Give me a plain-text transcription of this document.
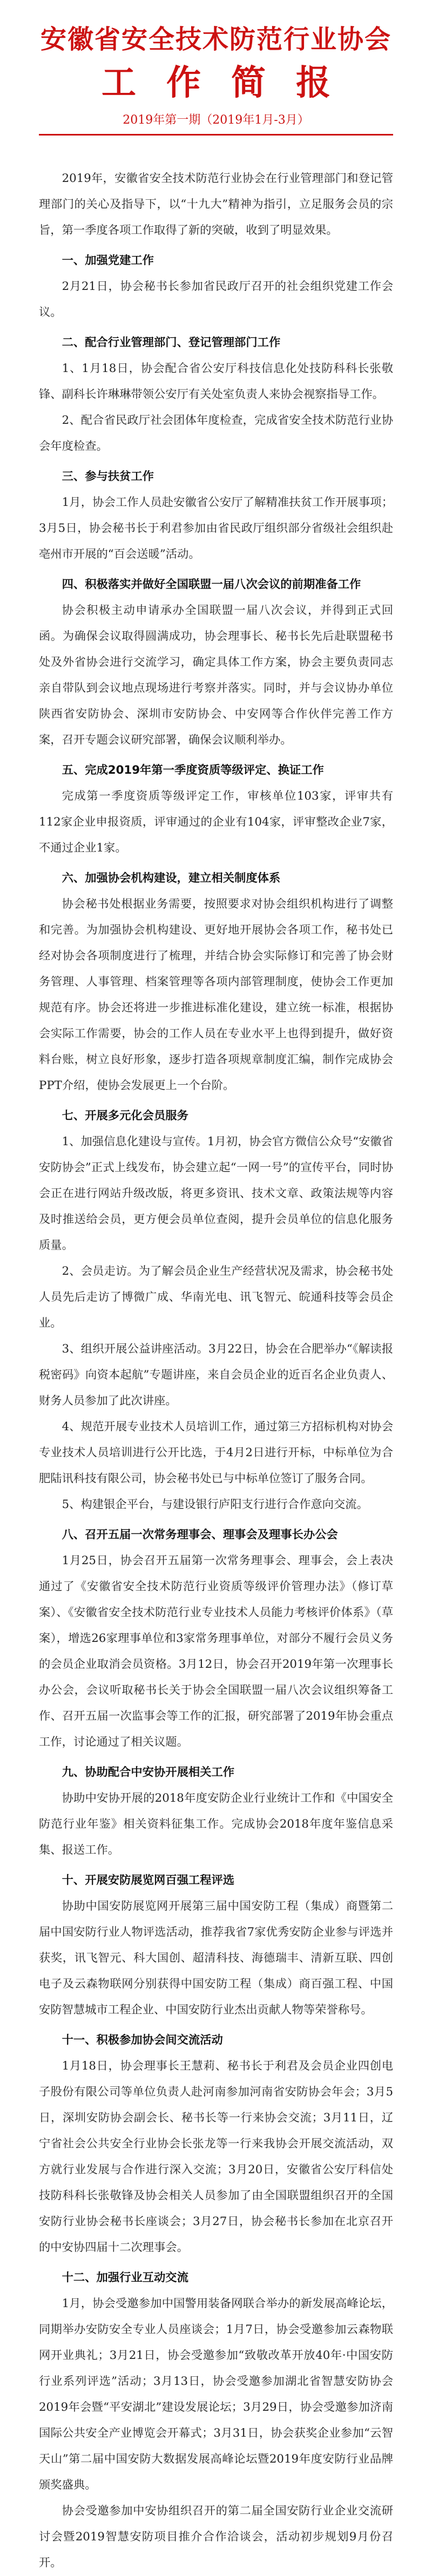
安徽省安全技术防范行业协会
工作简报
2019年第一期（2019年1月-3月）

2019年，安徽省安全技术防范行业协会在行业管理部门和登记管理部门的关心及指导下，以“十九大”精神为指引，立足服务会员的宗旨，第一季度各项工作取得了新的突破，收到了明显效果。

一、加强党建工作

2月21日，协会秘书长参加省民政厅召开的社会组织党建工作会议。

二、配合行业管理部门、登记管理部门工作

1、1月18日，协会配合省公安厅科技信息化处技防科科长张敬锋、副科长许琳琳带领公安厅有关处室负责人来协会视察指导工作。

2、配合省民政厅社会团体年度检查，完成省安全技术防范行业协会年度检查。

三、参与扶贫工作

1月，协会工作人员赴安徽省公安厅了解精准扶贫工作开展事项；3月5日，协会秘书长于利君参加由省民政厅组织部分省级社会组织赴亳州市开展的“百会送暖”活动。

四、积极落实并做好全国联盟一届八次会议的前期准备工作

协会积极主动申请承办全国联盟一届八次会议，并得到正式回函。为确保会议取得圆满成功，协会理事长、秘书长先后赴联盟秘书处及外省协会进行交流学习，确定具体工作方案，协会主要负责同志亲自带队到会议地点现场进行考察并落实。同时，并与会议协办单位陕西省安防协会、深圳市安防协会、中安网等合作伙伴完善工作方案，召开专题会议研究部署，确保会议顺利举办。

五、完成2019年第一季度资质等级评定、换证工作

完成第一季度资质等级评定工作，审核单位103家，评审共有112家企业申报资质，评审通过的企业有104家，评审整改企业7家，不通过企业1家。

六、加强协会机构建设，建立相关制度体系

协会秘书处根据业务需要，按照要求对协会组织机构进行了调整和完善。为加强协会机构建设、更好地开展协会各项工作，秘书处已经对协会各项制度进行了梳理，并结合协会实际修订和完善了协会财务管理、人事管理、档案管理等各项内部管理制度，使协会工作更加规范有序。协会还将进一步推进标准化建设，建立统一标准，根据协会实际工作需要，协会的工作人员在专业水平上也得到提升，做好资料台账，树立良好形象，逐步打造各项规章制度汇编，制作完成协会PPT介绍，使协会发展更上一个台阶。

七、开展多元化会员服务

1、加强信息化建设与宣传。1月初，协会官方微信公众号“安徽省安防协会”正式上线发布，协会建立起“一网一号”的宣传平台，同时协会正在进行网站升级改版，将更多资讯、技术文章、政策法规等内容及时推送给会员，更方便会员单位查阅，提升会员单位的信息化服务质量。

2、会员走访。为了解会员企业生产经营状况及需求，协会秘书处人员先后走访了博微广成、华南光电、讯飞智元、皖通科技等会员企业。

3、组织开展公益讲座活动。3月22日，协会在合肥举办“《解读报税密码》向资本起航”专题讲座，来自会员企业的近百名企业负责人、财务人员参加了此次讲座。

4、规范开展专业技术人员培训工作，通过第三方招标机构对协会专业技术人员培训进行公开比选，于4月2日进行开标，中标单位为合肥陆讯科技有限公司，协会秘书处已与中标单位签订了服务合同。

5、构建银企平台，与建设银行庐阳支行进行合作意向交流。

八、召开五届一次常务理事会、理事会及理事长办公会

1月25日，协会召开五届第一次常务理事会、理事会，会上表决通过了《安徽省安全技术防范行业资质等级评价管理办法》（修订草案）、《安徽省安全技术防范行业专业技术人员能力考核评价体系》（草案），增选26家理事单位和3家常务理事单位，对部分不履行会员义务的会员企业取消会员资格。3月12日，协会召开2019年第一次理事长办公会，会议听取秘书长关于协会全国联盟一届八次会议组织筹备工作、召开五届一次监事会等工作的汇报，研究部署了2019年协会重点工作，讨论通过了相关议题。

九、协助配合中安协开展相关工作

协助中安协开展的2018年度安防企业行业统计工作和《中国安全防范行业年鉴》相关资料征集工作。完成协会2018年度年鉴信息采集、报送工作。

十、开展安防展览网百强工程评选

协助中国安防展览网开展第三届中国安防工程（集成）商暨第二届中国安防行业人物评选活动，推荐我省7家优秀安防企业参与评选并获奖，讯飞智元、科大国创、超清科技、海德瑞丰、清新互联、四创电子及云森物联网分别获得中国安防工程（集成）商百强工程、中国安防智慧城市工程企业、中国安防行业杰出贡献人物等荣誉称号。

十一、积极参加协会间交流活动

1月18日，协会理事长王慧莉、秘书长于利君及会员企业四创电子股份有限公司等单位负责人赴河南参加河南省安防协会年会；3月5日，深圳安防协会副会长、秘书长等一行来协会交流；3月11日，辽宁省社会公共安全行业协会长张龙等一行来我协会开展交流活动，双方就行业发展与合作进行深入交流；3月20日，安徽省公安厅科信处技防科科长张敬锋及协会相关人员参加了由全国联盟组织召开的全国安防行业协会秘书长座谈会；3月27日，协会秘书长参加在北京召开的中安协四届十二次理事会。

十二、加强行业互动交流

1月，协会受邀参加中国警用装备网联合举办的新发展高峰论坛，同期举办安防安全专业人员座谈会；1月7日，协会受邀参加云森物联网开业典礼；3月21日，协会受邀参加“致敬改革开放40年·中国安防行业系列评选”活动；3月13日，协会受邀参加湖北省智慧安防协会2019年会暨“平安湖北”建设发展论坛；3月29日，协会受邀参加济南国际公共安全产业博览会开幕式；3月31日，协会获奖企业参加“云智天山”第二届中国安防大数据发展高峰论坛暨2019年度安防行业品牌颁奖盛典。

协会受邀参加中安协组织召开的第二届全国安防行业企业交流研讨会暨2019智慧安防项目推介合作洽谈会，活动初步规划9月份召开。
